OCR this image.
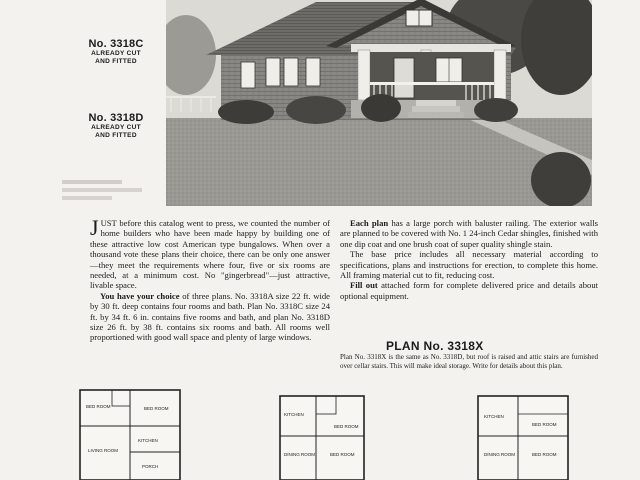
No. 3318C
ALREADY CUT
AND FITTED
No. 3318D
ALREADY CUT
AND FITTED

JUST before this catalog went to press, we counted the number of home builders who have been made happy by building one of these attractive low cost American type bungalows. When over a thousand vote these plans their choice, there can be only one answer—they meet the requirements where four, five or six rooms are needed, at a minimum cost. No "gingerbread"—just attractive, livable space.

You have your choice of three plans. No. 3318A size 22 ft. wide by 30 ft. deep contains four rooms and bath. Plan No. 3318C size 24 ft. by 34 ft. 6 in. contains five rooms and bath, and plan No. 3318D size 26 ft. by 38 ft. contains six rooms and bath. All rooms well proportioned with good wall space and plenty of large windows.

Each plan has a large porch with baluster railing. The exterior walls are planned to be covered with No. 1 24-inch Cedar shingles, finished with one dip coat and one brush coat of super quality shingle stain.

The base price includes all necessary material according to specifications, plans and instructions for erection, to complete this home. All framing material cut to fit, reducing cost.

Fill out attached form for complete delivered price and details about optional equipment.

PLAN No. 3318X
Plan No. 3318X is the same as No. 3318D, but roof is raised and attic stairs are furnished over cellar stairs. This will make ideal storage. Write for details about this plan.
BED ROOM
BED ROOM
KITCHEN
LIVING ROOM
PORCH
KITCHEN
BED ROOM
DINING ROOM	BED ROOM
KITCHEN
BED ROOM
DINING ROOM	BED ROOM
